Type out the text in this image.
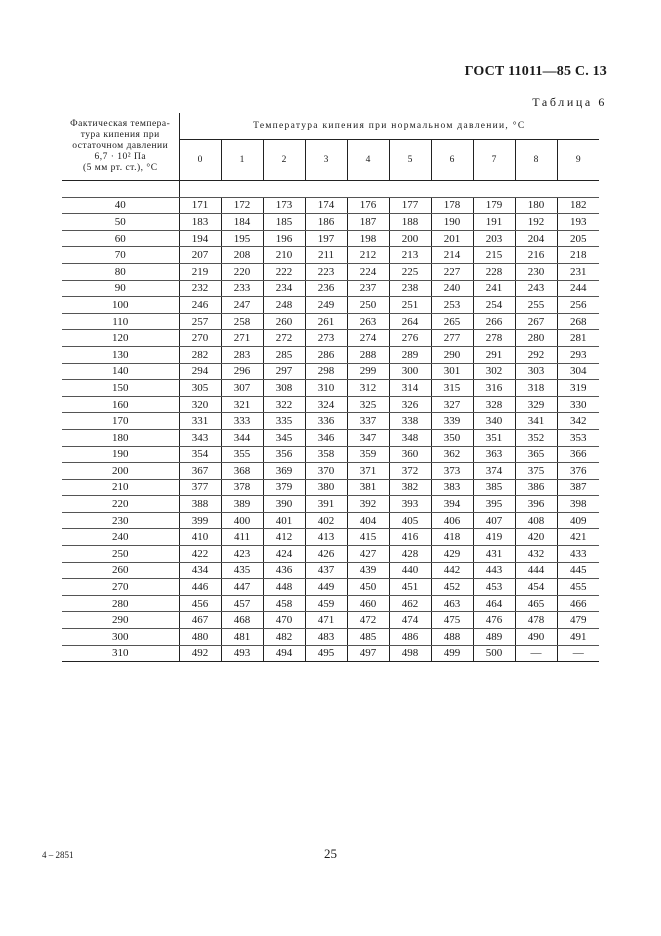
ГОСТ 11011—85 С. 13
Таблица 6
Фактическая темпера-
тура кипения при
остаточном давлении
6,7 · 10² Па
(5 мм рт. ст.), °С	Температура кипения при нормальном давлении, °С									
	0	1	2	3	4	5	6	7	8	9

40	171	172	173	174	176	177	178	179	180	182
50	183	184	185	186	187	188	190	191	192	193
60	194	195	196	197	198	200	201	203	204	205
70	207	208	210	211	212	213	214	215	216	218
80	219	220	222	223	224	225	227	228	230	231
90	232	233	234	236	237	238	240	241	243	244
100	246	247	248	249	250	251	253	254	255	256
110	257	258	260	261	263	264	265	266	267	268
120	270	271	272	273	274	276	277	278	280	281
130	282	283	285	286	288	289	290	291	292	293
140	294	296	297	298	299	300	301	302	303	304
150	305	307	308	310	312	314	315	316	318	319
160	320	321	322	324	325	326	327	328	329	330
170	331	333	335	336	337	338	339	340	341	342
180	343	344	345	346	347	348	350	351	352	353
190	354	355	356	358	359	360	362	363	365	366
200	367	368	369	370	371	372	373	374	375	376
210	377	378	379	380	381	382	383	385	386	387
220	388	389	390	391	392	393	394	395	396	398
230	399	400	401	402	404	405	406	407	408	409
240	410	411	412	413	415	416	418	419	420	421
250	422	423	424	426	427	428	429	431	432	433
260	434	435	436	437	439	440	442	443	444	445
270	446	447	448	449	450	451	452	453	454	455
280	456	457	458	459	460	462	463	464	465	466
290	467	468	470	471	472	474	475	476	478	479
300	480	481	482	483	485	486	488	489	490	491
310	492	493	494	495	497	498	499	500	—	—
4 – 2851	25
